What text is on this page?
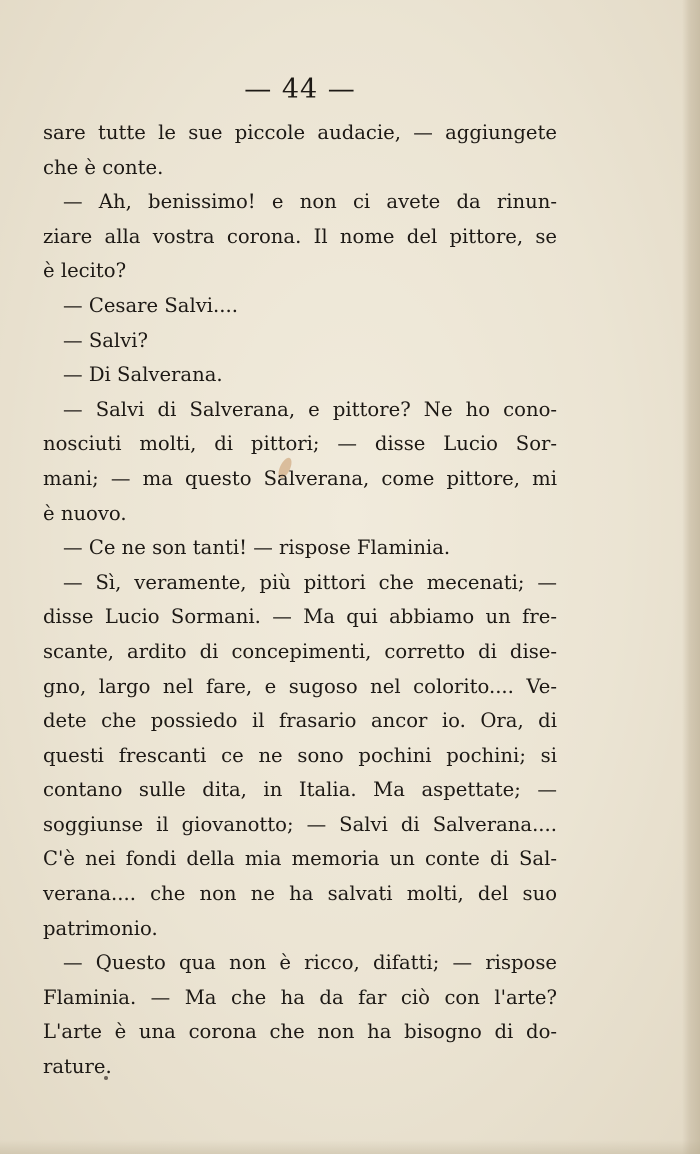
— 44 —
sare tutte le sue piccole audacie, — aggiungete
che è conte.
— Ah, benissimo! e non ci avete da rinun-
ziare alla vostra corona. Il nome del pittore, se
è lecito?
— Cesare Salvi....
— Salvi?
— Di Salverana.
— Salvi di Salverana, e pittore? Ne ho cono-
nosciuti molti, di pittori; — disse Lucio Sor-
mani; — ma questo Salverana, come pittore, mi
è nuovo.
— Ce ne son tanti! — rispose Flaminia.
— Sì, veramente, più pittori che mecenati; —
disse Lucio Sormani. — Ma qui abbiamo un fre-
scante, ardito di concepimenti, corretto di dise-
gno, largo nel fare, e sugoso nel colorito.... Ve-
dete che possiedo il frasario ancor io. Ora, di
questi frescanti ce ne sono pochini pochini; si
contano sulle dita, in Italia. Ma aspettate; —
soggiunse il giovanotto; — Salvi di Salverana....
C'è nei fondi della mia memoria un conte di Sal-
verana.... che non ne ha salvati molti, del suo
patrimonio.
— Questo qua non è ricco, difatti; — rispose
Flaminia. — Ma che ha da far ciò con l'arte?
L'arte è una corona che non ha bisogno di do-
rature.
